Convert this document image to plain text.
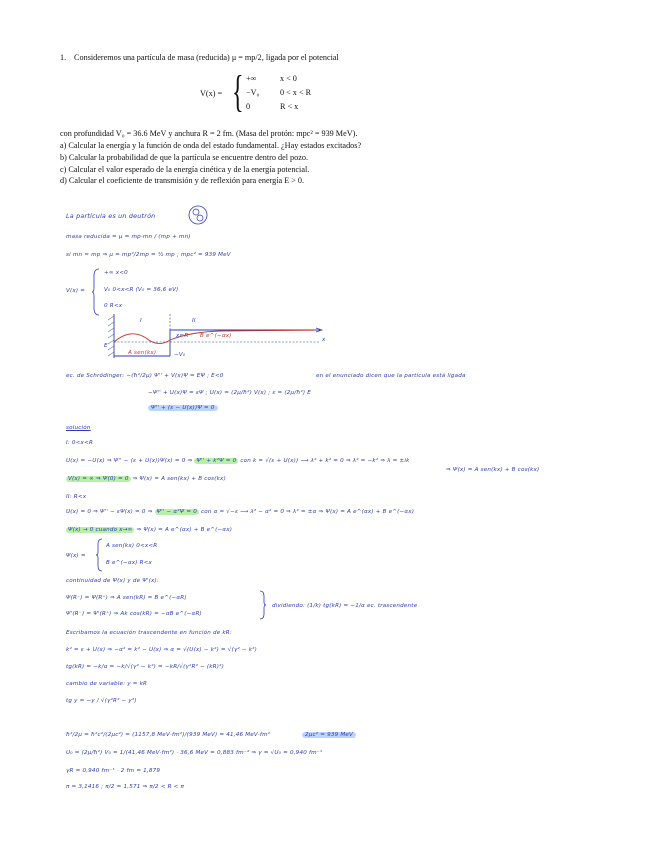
1. Consideremos una partícula de masa (reducida) μ = mp/2, ligada por el potencial
V(x) = { +∞	x < 0
−V₀	0 < x < R
0	R < x
con profundidad V₀ = 36.6 MeV y anchura R = 2 fm. (Masa del protón: mpc² = 939 MeV).
a) Calcular la energía y la función de onda del estado fundamental. ¿Hay estados excitados?
b) Calcular la probabilidad de que la partícula se encuentre dentro del pozo.
c) Calcular el valor esperado de la energía cinética y de la energía potencial.
d) Calcular el coeficiente de transmisión y de reflexión para energía E > 0.
La partícula es un deutrón
masa reducida = μ = mp·mn / (mp + mn)
si mn ≈ mp ⇒ μ = mp²/2mp = ½ mp ; mpc² = 939 MeV
V(x) =
+∞ x<0
V₀ 0<x<R (V₀ = 36,6 eV)
0 R<x
I	II
x=R B e^(−αx)
E
A sen(kx)	−V₀
x
ec. de Schrödinger: −(ħ²/2μ) Ψ'' + V(x)Ψ = EΨ ; E<0	en el enunciado dicen que la partícula está ligada
−Ψ'' + U(x)Ψ = εΨ ; U(x) = (2μ/ħ²) V(x) ; ε = (2μ/ħ²) E
Ψ'' + (ε − U(x))Ψ = 0
solución
I: 0<x<R
U(x) = −U(x) ⇒ Ψ'' − (ε + U(x))Ψ(x) = 0 ⇒ Ψ'' + k²Ψ = 0 con k = √(ε + U(x)) ⟶ λ² + k² = 0 ⇒ λ² = −k² ⇒ λ = ±ik
⇒ Ψ(x) = A sen(kx) + B cos(kx)
V(x) = ∞ ⇒ Ψ(0) = 0 ⇒ Ψ(x) = A sen(kx) + B cos(kx)
II: R<x
U(x) = 0 ⇒ Ψ'' − εΨ(x) = 0 ⇒ Ψ'' − α²Ψ = 0 con α = √−ε ⟶ λ² − α² = 0 ⇒ λ² = ±α ⇒ Ψ(x) = A e^(αx) + B e^(−αx)
Ψ(x) → 0 cuando x→∞ ⇒ Ψ(x) = A e^(αx) + B e^(−αx)
Ψ(x) =
A sen(kx) 0<x<R
B e^(−αx) R<x
continuidad de Ψ(x) y de Ψ'(x):
Ψ(R⁻) = Ψ(R⁺) ⇒ A sen(kR) = B e^(−αR)
Ψ'(R⁻) = Ψ'(R⁺) ⇒ Ak cos(kR) = −αB e^(−αR)
dividiendo: (1/k) tg(kR) = −1/α ec. trascendente
Escribamos la ecuación trascendente en función de kR:
k² = ε + U(x) ⇒ −α² = k² − U(x) ⇒ α = √(U(x) − k²) = √(γ² − k²)
tg(kR) = −k/α = −k/√(γ² − k²) = −kR/√(γ²R² − (kR)²)
cambio de variable: y = kR
tg y = −y / √(γ²R² − y²)
ħ²/2μ = ħ²c²/(2μc²) = (1157,8 MeV·fm²)/(939 MeV) = 41,46 MeV·fm²	2μc² = 939 MeV
U₀ = (2μ/ħ²) V₀ = 1/(41,46 MeV·fm²) · 36,6 MeV = 0,883 fm⁻² ⇒ γ = √U₀ = 0,940 fm⁻¹
γR = 0,940 fm⁻¹ · 2 fm = 1,879
π = 3,1416 ; π/2 = 1,571 ⇒ π/2 < R < π
